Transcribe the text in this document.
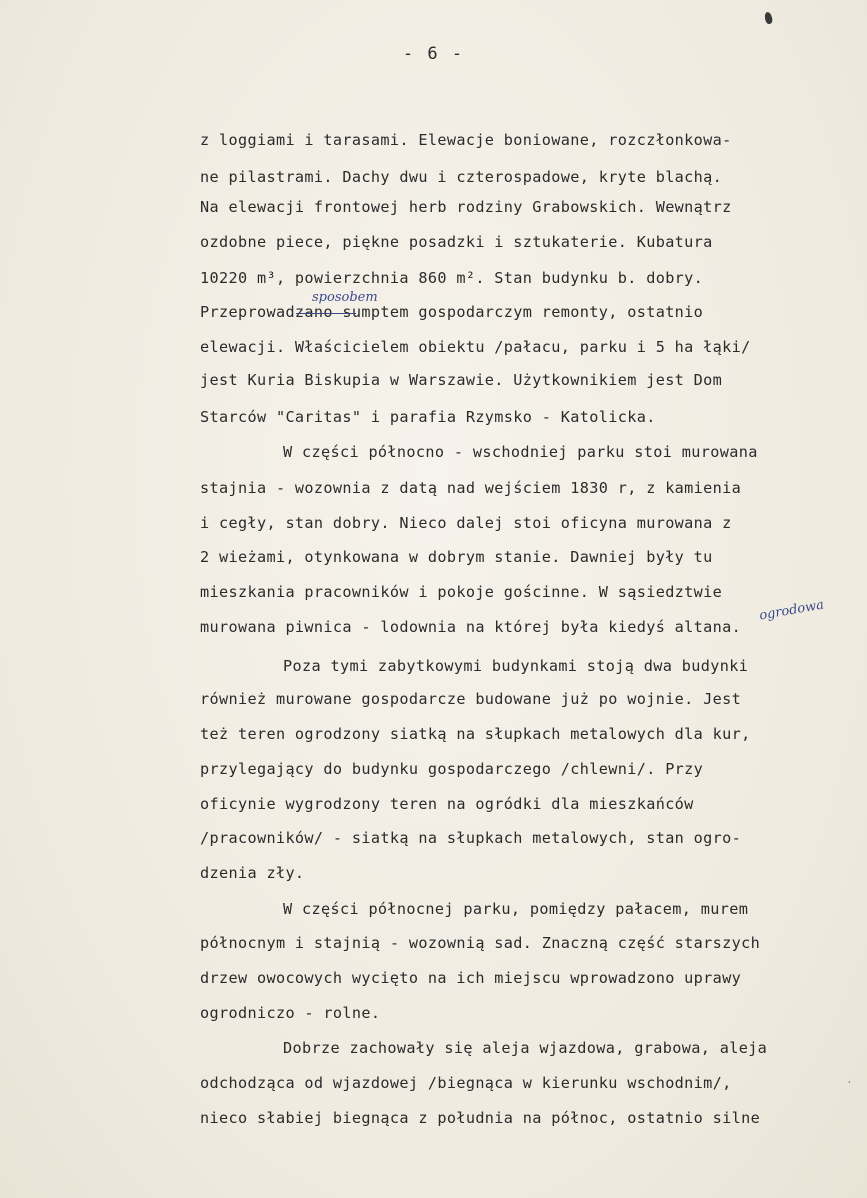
- 6 -
z loggiami i tarasami. Elewacje boniowane, rozczłonkowa-
ne pilastrami. Dachy dwu i czterospadowe, kryte blachą.
Na elewacji frontowej herb rodziny Grabowskich. Wewnątrz
ozdobne piece, piękne posadzki i sztukaterie. Kubatura
10220 m³, powierzchnia 860 m². Stan budynku b. dobry.
Przeprowadzano sumptem gospodarczym remonty, ostatnio
elewacji. Właścicielem obiektu /pałacu, parku i 5 ha łąki/
jest Kuria Biskupia w Warszawie. Użytkownikiem jest Dom
Starców "Caritas" i parafia Rzymsko - Katolicka.
W części północno - wschodniej parku stoi murowana
stajnia - wozownia z datą nad wejściem 1830 r, z kamienia
i cegły, stan dobry. Nieco dalej stoi oficyna murowana z
2 wieżami, otynkowana w dobrym stanie. Dawniej były tu
mieszkania pracowników i pokoje gościnne. W sąsiedztwie
murowana piwnica - lodownia na której była kiedyś altana.
Poza tymi zabytkowymi budynkami stoją dwa budynki
również murowane gospodarcze budowane już po wojnie. Jest
też teren ogrodzony siatką na słupkach metalowych dla kur,
przylegający do budynku gospodarczego /chlewni/. Przy
oficynie wygrodzony teren na ogródki dla mieszkańców
/pracowników/ - siatką na słupkach metalowych, stan ogro-
dzenia zły.
W części północnej parku, pomiędzy pałacem, murem
północnym i stajnią - wozownią sad. Znaczną część starszych
drzew owocowych wycięto na ich miejscu wprowadzono uprawy
ogrodniczo - rolne.
Dobrze zachowały się aleja wjazdowa, grabowa, aleja
odchodząca od wjazdowej /biegnąca w kierunku wschodnim/,
nieco słabiej biegnąca z południa na północ, ostatnio silne
sposobem
ogrodowa
·
